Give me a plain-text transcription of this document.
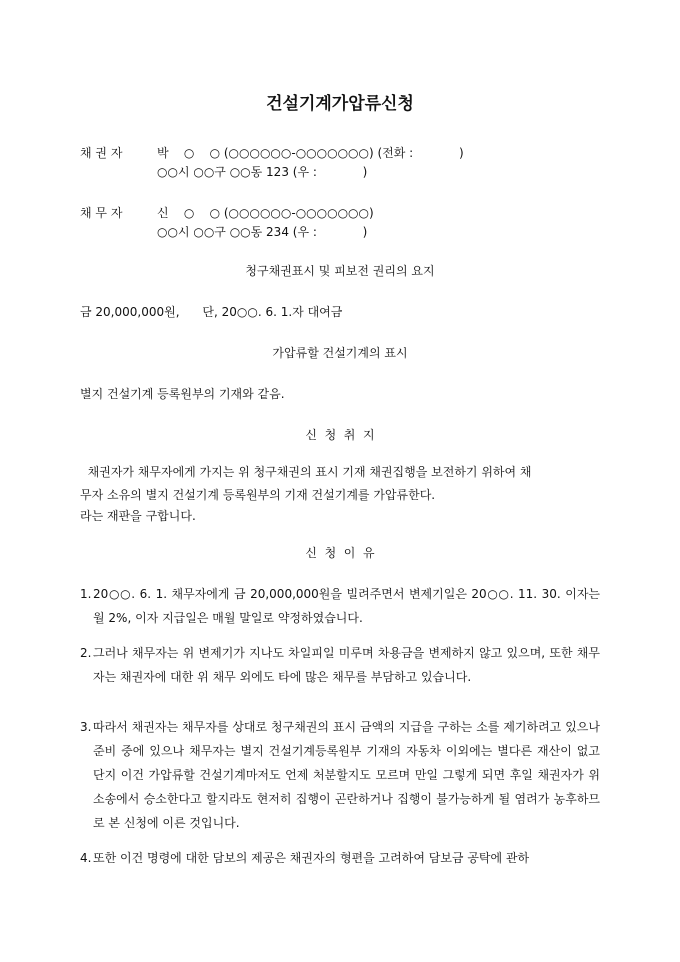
건설기계가압류신청
채 권 자	박    ○    ○ (○○○○○○-○○○○○○○) (전화 :            )
○○시 ○○구 ○○동 123 (우 :            )
채 무 자	신    ○    ○ (○○○○○○-○○○○○○○)
○○시 ○○구 ○○동 234 (우 :            )
청구채권표시 및 피보전 권리의 요지
금 20,000,000원,      단, 20○○. 6. 1.자 대여금
가압류할 건설기계의 표시
별지 건설기계 등록원부의 기재와 같음.
신  청  취  지
채권자가 채무자에게 가지는 위 청구채권의 표시 기재 채권집행을 보전하기 위하여 채
무자 소유의 별지 건설기계 등록원부의 기재 건설기계를 가압류한다.
라는 재판을 구합니다.
신  청  이  유
1. 20○○. 6. 1. 채무자에게 금 20,000,000원을 빌려주면서 변제기일은 20○○. 11. 30. 이자는 월 2%, 이자 지급일은 매월 말일로 약정하였습니다.
2. 그러나 채무자는 위 변제기가 지나도 차일피일 미루며 차용금을 변제하지 않고 있으며, 또한 채무자는 채권자에 대한 위 채무 외에도 타에 많은 채무를 부담하고 있습니다.
3. 따라서 채권자는 채무자를 상대로 청구채권의 표시 금액의 지급을 구하는 소를 제기하려고 있으나 준비 중에 있으나 채무자는 별지 건설기계등록원부 기재의 자동차 이외에는 별다른 재산이 없고 단지 이건 가압류할 건설기계마저도 언제 처분할지도 모르며 만일 그렇게 되면 후일 채권자가 위 소송에서 승소한다고 할지라도 현저히 집행이 곤란하거나 집행이 불가능하게 될 염려가 농후하므로 본 신청에 이른 것입니다.
4. 또한 이건 명령에 대한 담보의 제공은 채권자의 형편을 고려하여 담보금 공탁에 관하
